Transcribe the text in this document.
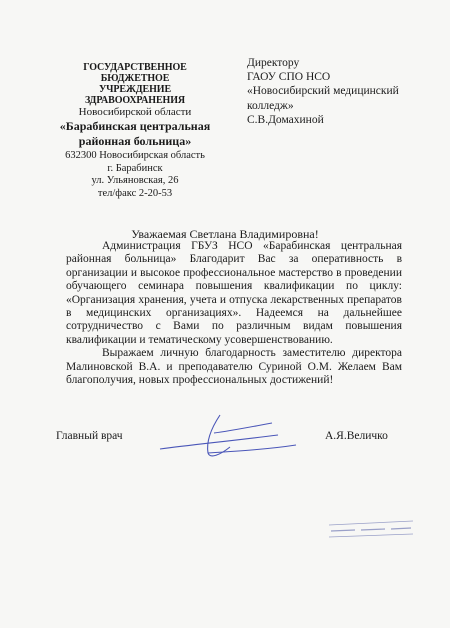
ГОСУДАРСТВЕННОЕ БЮДЖЕТНОЕ
УЧРЕЖДЕНИЕ ЗДРАВООХРАНЕНИЯ
Новосибирской области
«Барабинская центральная
районная больница»
632300 Новосибирская область
г. Барабинск
ул. Ульяновская, 26
тел/факс 2-20-53
Директору
ГАОУ СПО НСО
«Новосибирский медицинский
колледж»
С.В.Домахиной
Уважаемая Светлана Владимировна!

Администрация ГБУЗ НСО «Барабинская центральная районная больница» Благодарит Вас за оперативность в организации и высокое профессиональное мастерство в проведении обучающего семинара повышения квалификации по циклу: «Организация хранения, учета и отпуска лекарственных препаратов в медицинских организациях». Надеемся на дальнейшее сотрудничество с Вами по различным видам повышения квалификации и тематическому усовершенствованию.

Выражаем личную благодарность заместителю директора Малиновской В.А. и преподавателю Суриной О.М. Желаем Вам благополучия, новых профессиональных достижений!

Главный врач	А.Я.Величко
